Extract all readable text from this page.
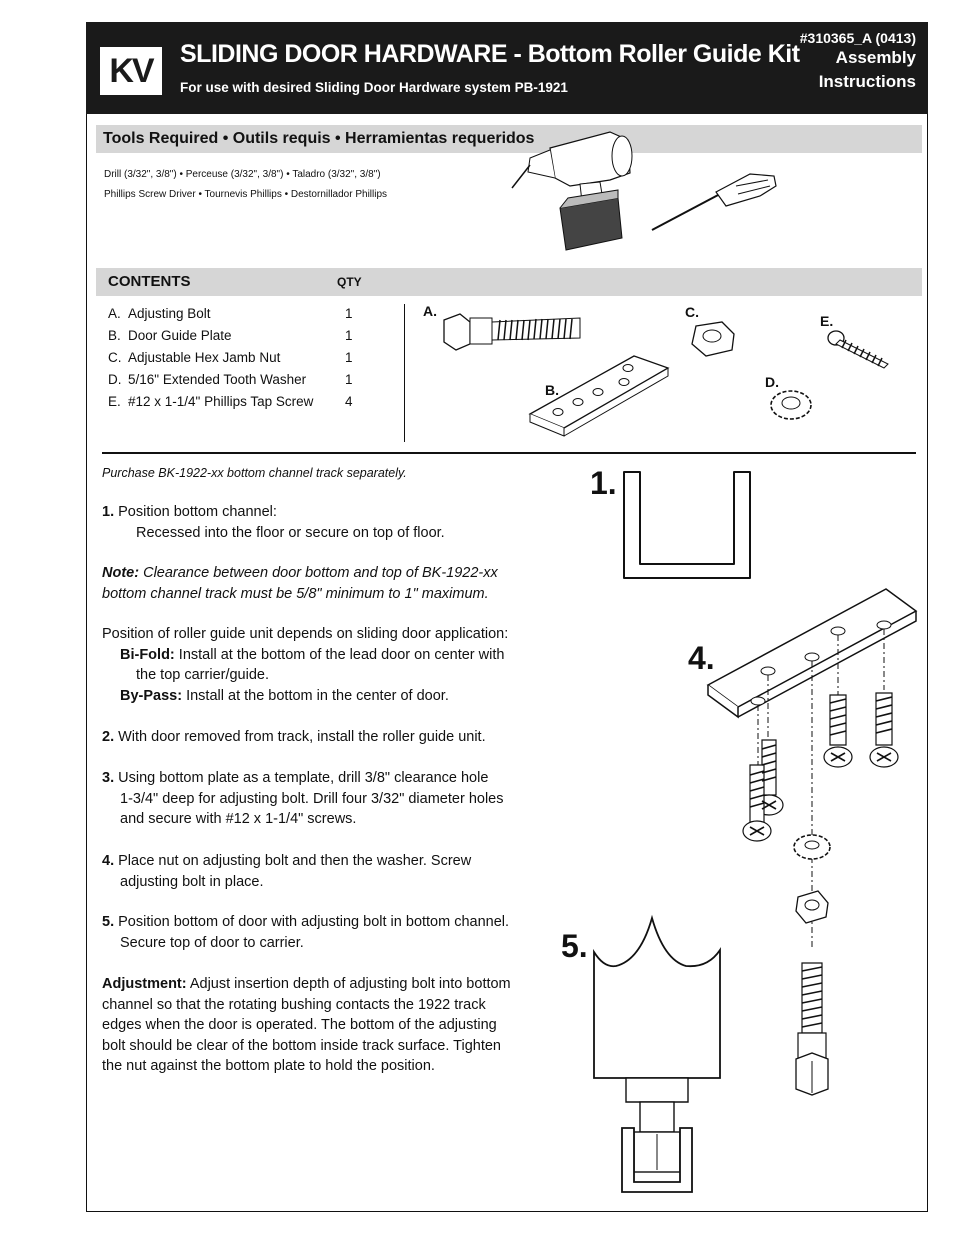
KV	SLIDING DOOR HARDWARE - Bottom Roller Guide Kit
For use with desired Sliding Door Hardware system PB-1921
#310365_A (0413)
Assembly
Instructions
Tools Required • Outils requis • Herramientas requeridos
Drill (3/32", 3/8") • Perceuse (3/32", 3/8") • Taladro (3/32", 3/8")
Phillips Screw Driver • Tournevis Phillips • Destornillador Phillips
CONTENTS	QTY
A. Adjusting Bolt	1
B. Door Guide Plate	1
C. Adjustable Hex Jamb Nut	1
D. 5/16" Extended Tooth Washer	1
E. #12 x 1-1/4" Phillips Tap Screw 4
A.
B.
C.
D.
E.
Purchase BK-1922-xx bottom channel track separately.
1. Position bottom channel:
Recessed into the floor or secure on top of floor.
Note: Clearance between door bottom and top of BK-1922-xx
bottom channel track must be 5/8" minimum to 1" maximum.
Position of roller guide unit depends on sliding door application:
Bi-Fold: Install at the bottom of the lead door on center with
the top carrier/guide.
By-Pass: Install at the bottom in the center of door.
2. With door removed from track, install the roller guide unit.
3. Using bottom plate as a template, drill 3/8" clearance hole
1-3/4" deep for adjusting bolt. Drill four 3/32" diameter holes
and secure with #12 x 1-1/4" screws.
4. Place nut on adjusting bolt and then the washer. Screw
adjusting bolt in place.
5. Position bottom of door with adjusting bolt in bottom channel.
Secure top of door to carrier.
Adjustment: Adjust insertion depth of adjusting bolt into bottom
channel so that the rotating bushing contacts the 1922 track
edges when the door is operated. The bottom of the adjusting
bolt should be clear of the bottom inside track surface. Tighten
the nut against the bottom plate to hold the position.
1.
4.
5.
